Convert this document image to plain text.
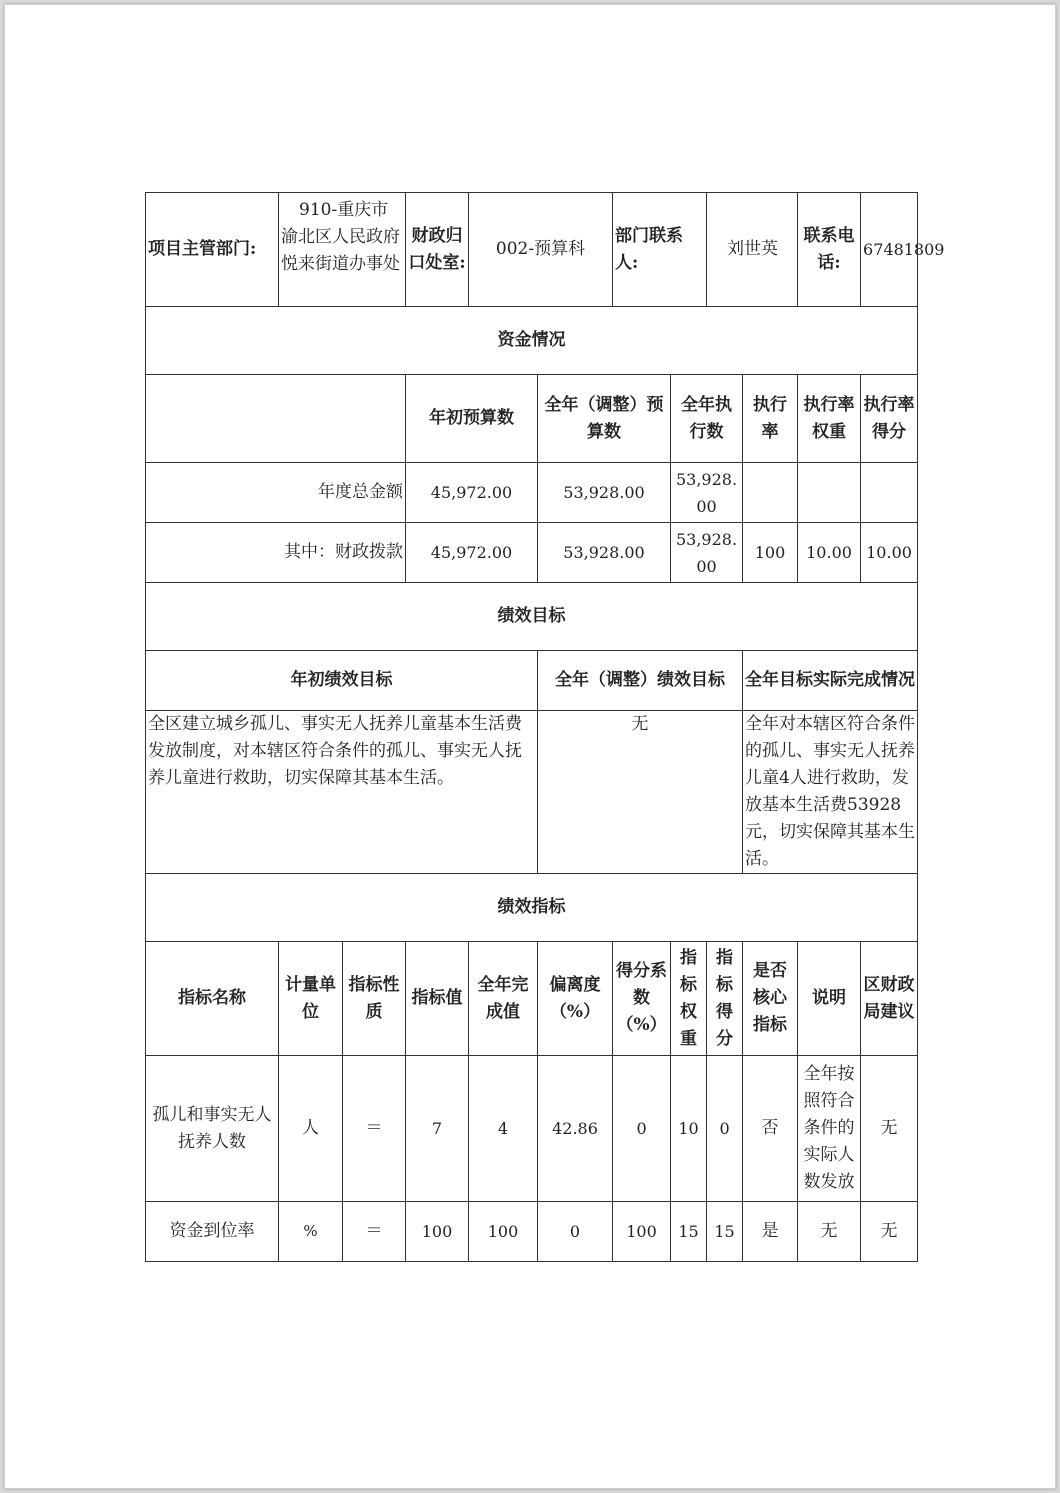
项目主管部门:	910-重庆市渝北区人民政府悦来街道办事处		财政归口处室:	002-预算科		部门联系人:		刘世英		联系电话:	67481809
资金情况											
			年初预算数		全年（调整）预算数		全年执行数		执行率	执行率权重	执行率得分
年度总金额			45,972.00		53,928.00		53,928.00				
其中：财政拨款			45,972.00		53,928.00		53,928.00		100	10.00	10.00
绩效目标											
年初绩效目标					全年（调整）绩效目标				全年目标实际完成情况		
全区建立城乡孤儿、事实无人抚养儿童基本生活费发放制度，对本辖区符合条件的孤儿、事实无人抚养儿童进行救助，切实保障其基本生活。					无				全年对本辖区符合条件的孤儿、事实无人抚养儿童4人进行救助，发放基本生活费53928元，切实保障其基本生活。		
绩效指标											
指标名称	计量单位	指标性质	指标值	全年完成值	偏离度（%）	得分系数（%）	指标权重	指标得分	是否核心指标	说明	区财政局建议
孤儿和事实无人抚养人数	人	＝	7	4	42.86	0	10	0	否	全年按照符合条件的实际人数发放	无
资金到位率	%	＝	100	100	0	100	15	15	是	无	无
